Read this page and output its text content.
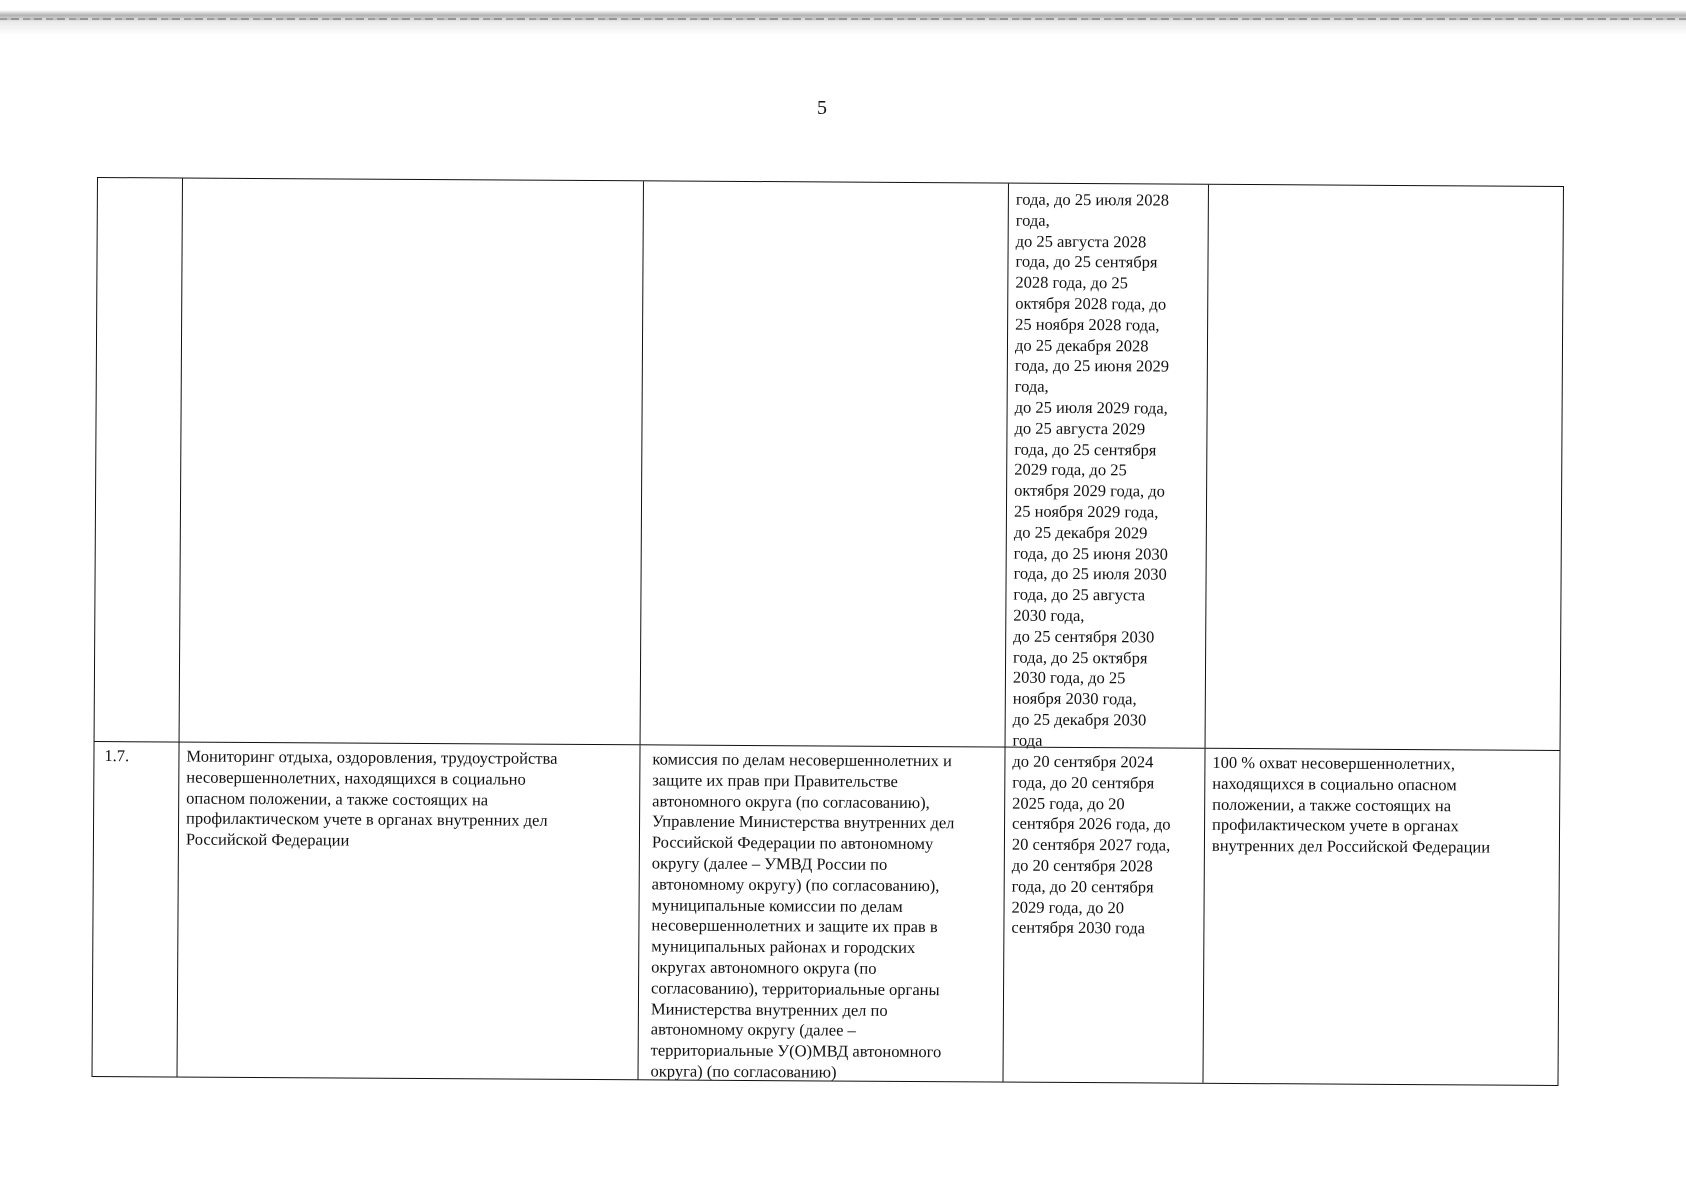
5
года, до 25 июля 2028
года,
до 25 августа 2028
года, до 25 сентября
2028 года, до 25
октября 2028 года, до
25 ноября 2028 года,
до 25 декабря 2028
года, до 25 июня 2029
года,
до 25 июля 2029 года,
до 25 августа 2029
года, до 25 сентября
2029 года, до 25
октября 2029 года, до
25 ноября 2029 года,
до 25 декабря 2029
года, до 25 июня 2030
года, до 25 июля 2030
года, до 25 августа
2030 года,
до 25 сентября 2030
года, до 25 октября
2030 года, до 25
ноября 2030 года,
до 25 декабря 2030
года
1.7.	Мониторинг отдыха, оздоровления, трудоустройства
несовершеннолетних, находящихся в социально
опасном положении, а также состоящих на
профилактическом учете в органах внутренних дел
Российской Федерации
комиссия по делам несовершеннолетних и
защите их прав при Правительстве
автономного округа (по согласованию),
Управление Министерства внутренних дел
Российской Федерации по автономному
округу (далее – УМВД России по
автономному округу) (по согласованию),
муниципальные комиссии по делам
несовершеннолетних и защите их прав в
муниципальных районах и городских
округах автономного округа (по
согласованию), территориальные органы
Министерства внутренних дел по
автономному округу (далее –
территориальные У(О)МВД автономного
округа) (по согласованию)
до 20 сентября 2024
года, до 20 сентября
2025 года, до 20
сентября 2026 года, до
20 сентября 2027 года,
до 20 сентября 2028
года, до 20 сентября
2029 года, до 20
сентября 2030 года
100 % охват несовершеннолетних,
находящихся в социально опасном
положении, а также состоящих на
профилактическом учете в органах
внутренних дел Российской Федерации
